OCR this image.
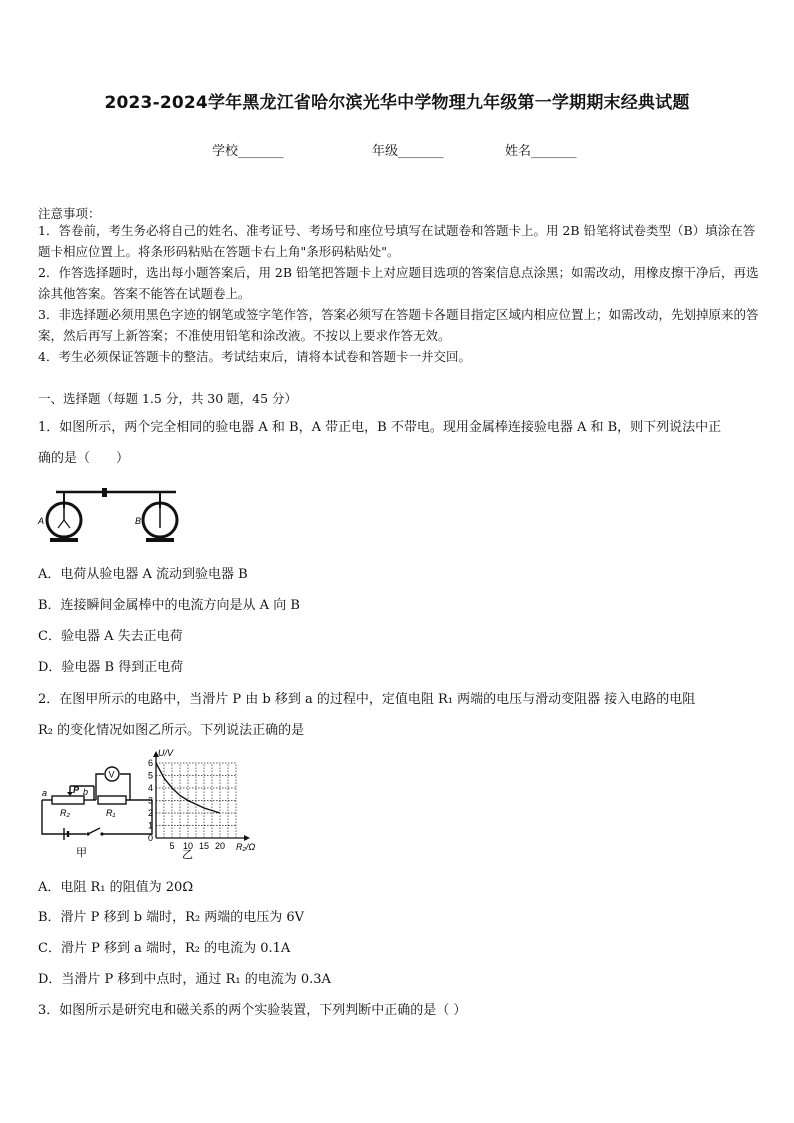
2023-2024学年黑龙江省哈尔滨光华中学物理九年级第一学期期末经典试题
学校_______	年级_______	姓名_______
注意事项：
1．答卷前，考生务必将自己的姓名、准考证号、考场号和座位号填写在试题卷和答题卡上。用 2B 铅笔将试卷类型（B）填涂在答题卡相应位置上。将条形码粘贴在答题卡右上角"条形码粘贴处"。
2．作答选择题时，选出每小题答案后，用 2B 铅笔把答题卡上对应题目选项的答案信息点涂黑；如需改动，用橡皮擦干净后，再选涂其他答案。答案不能答在试题卷上。
3．非选择题必须用黑色字迹的钢笔或签字笔作答，答案必须写在答题卡各题目指定区域内相应位置上；如需改动，先划掉原来的答案，然后再写上新答案；不准使用铅笔和涂改液。不按以上要求作答无效。
4．考生必须保证答题卡的整洁。考试结束后，请将本试卷和答题卡一并交回。
一、选择题（每题 1.5 分，共 30 题，45 分）
1．如图所示，两个完全相同的验电器 A 和 B，A 带正电，B 不带电。现用金属棒连接验电器 A 和 B，则下列说法中正
确的是（　　）
A	B
A．电荷从验电器 A 流动到验电器 B
B．连接瞬间金属棒中的电流方向是从 A 向 B
C．验电器 A 失去正电荷
D．验电器 B 得到正电荷
2．在图甲所示的电路中，当滑片 P 由 b 移到 a 的过程中，定值电阻 R₁ 两端的电压与滑动变阻器 接入电路的电阻
R₂ 的变化情况如图乙所示。下列说法正确的是
V
a	P b
R₂	R₁
甲
0
1
2
3
4
5
6
5 10 15 20
U/V
R₂/Ω
乙
A．电阻 R₁ 的阻值为 20Ω
B．滑片 P 移到 b 端时，R₂ 两端的电压为 6V
C．滑片 P 移到 a 端时，R₂ 的电流为 0.1A
D．当滑片 P 移到中点时，通过 R₁ 的电流为 0.3A
3．如图所示是研究电和磁关系的两个实验装置，下列判断中正确的是（ ）
